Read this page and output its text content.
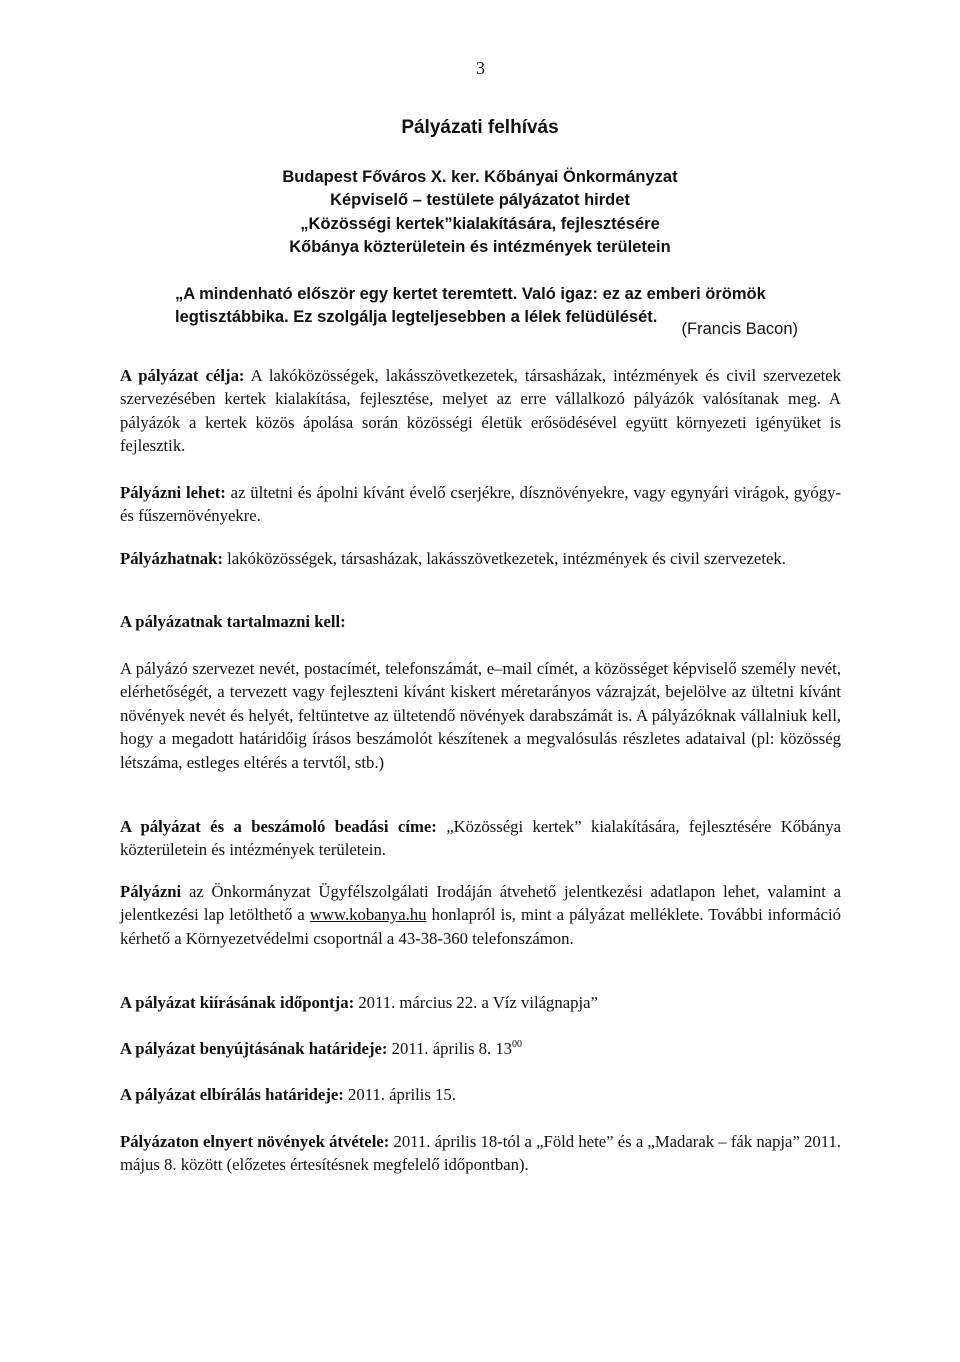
3
Pályázati felhívás
Budapest Főváros X. ker. Kőbányai Önkormányzat
Képviselő – testülete pályázatot hirdet
„Közösségi kertek”kialakítására, fejlesztésére
Kőbánya közterületein és intézmények területein
„A mindenható először egy kertet teremtett. Való igaz: ez az emberi örömök
legtisztábbika. Ez szolgálja legteljesebben a lélek felüdülését.
(Francis Bacon)
A pályázat célja: A lakóközösségek, lakásszövetkezetek, társasházak, intézmények és civil szervezetek szervezésében kertek kialakítása, fejlesztése, melyet az erre vállalkozó pályázók valósítanak meg. A pályázók a kertek közös ápolása során közösségi életük erősödésével együtt környezeti igényüket is fejlesztik.
Pályázni lehet: az ültetni és ápolni kívánt évelő cserjékre, dísznövényekre, vagy egynyári virágok, gyógy- és fűszernövényekre.
Pályázhatnak: lakóközösségek, társasházak, lakásszövetkezetek, intézmények és civil szervezetek.
A pályázatnak tartalmazni kell:
A pályázó szervezet nevét, postacímét, telefonszámát, e–mail címét, a közösséget képviselő személy nevét, elérhetőségét, a tervezett vagy fejleszteni kívánt kiskert méretarányos vázrajzát, bejelölve az ültetni kívánt növények nevét és helyét, feltüntetve az ültetendő növények darabszámát is. A pályázóknak vállalniuk kell, hogy a megadott határidőig írásos beszámolót készítenek a megvalósulás részletes adataival (pl: közösség létszáma, estleges eltérés a tervtől, stb.)
A pályázat és a beszámoló beadási címe: „Közösségi kertek” kialakítására, fejlesztésére Kőbánya közterületein és intézmények területein.
Pályázni az Önkormányzat Ügyfélszolgálati Irodáján átvehető jelentkezési adatlapon lehet, valamint a jelentkezési lap letölthető a www.kobanya.hu honlapról is, mint a pályázat melléklete. További információ kérhető a Környezetvédelmi csoportnál a 43-38-360 telefonszámon.
A pályázat kiírásának időpontja: 2011. március 22. a Víz világnapja”
A pályázat benyújtásának határideje: 2011. április 8. $13^{00}$
A pályázat elbírálás határideje: 2011. április 15.
Pályázaton elnyert növények átvétele: 2011. április 18-tól a „Föld hete” és a „Madarak – fák napja” 2011. május 8. között (előzetes értesítésnek megfelelő időpontban).
